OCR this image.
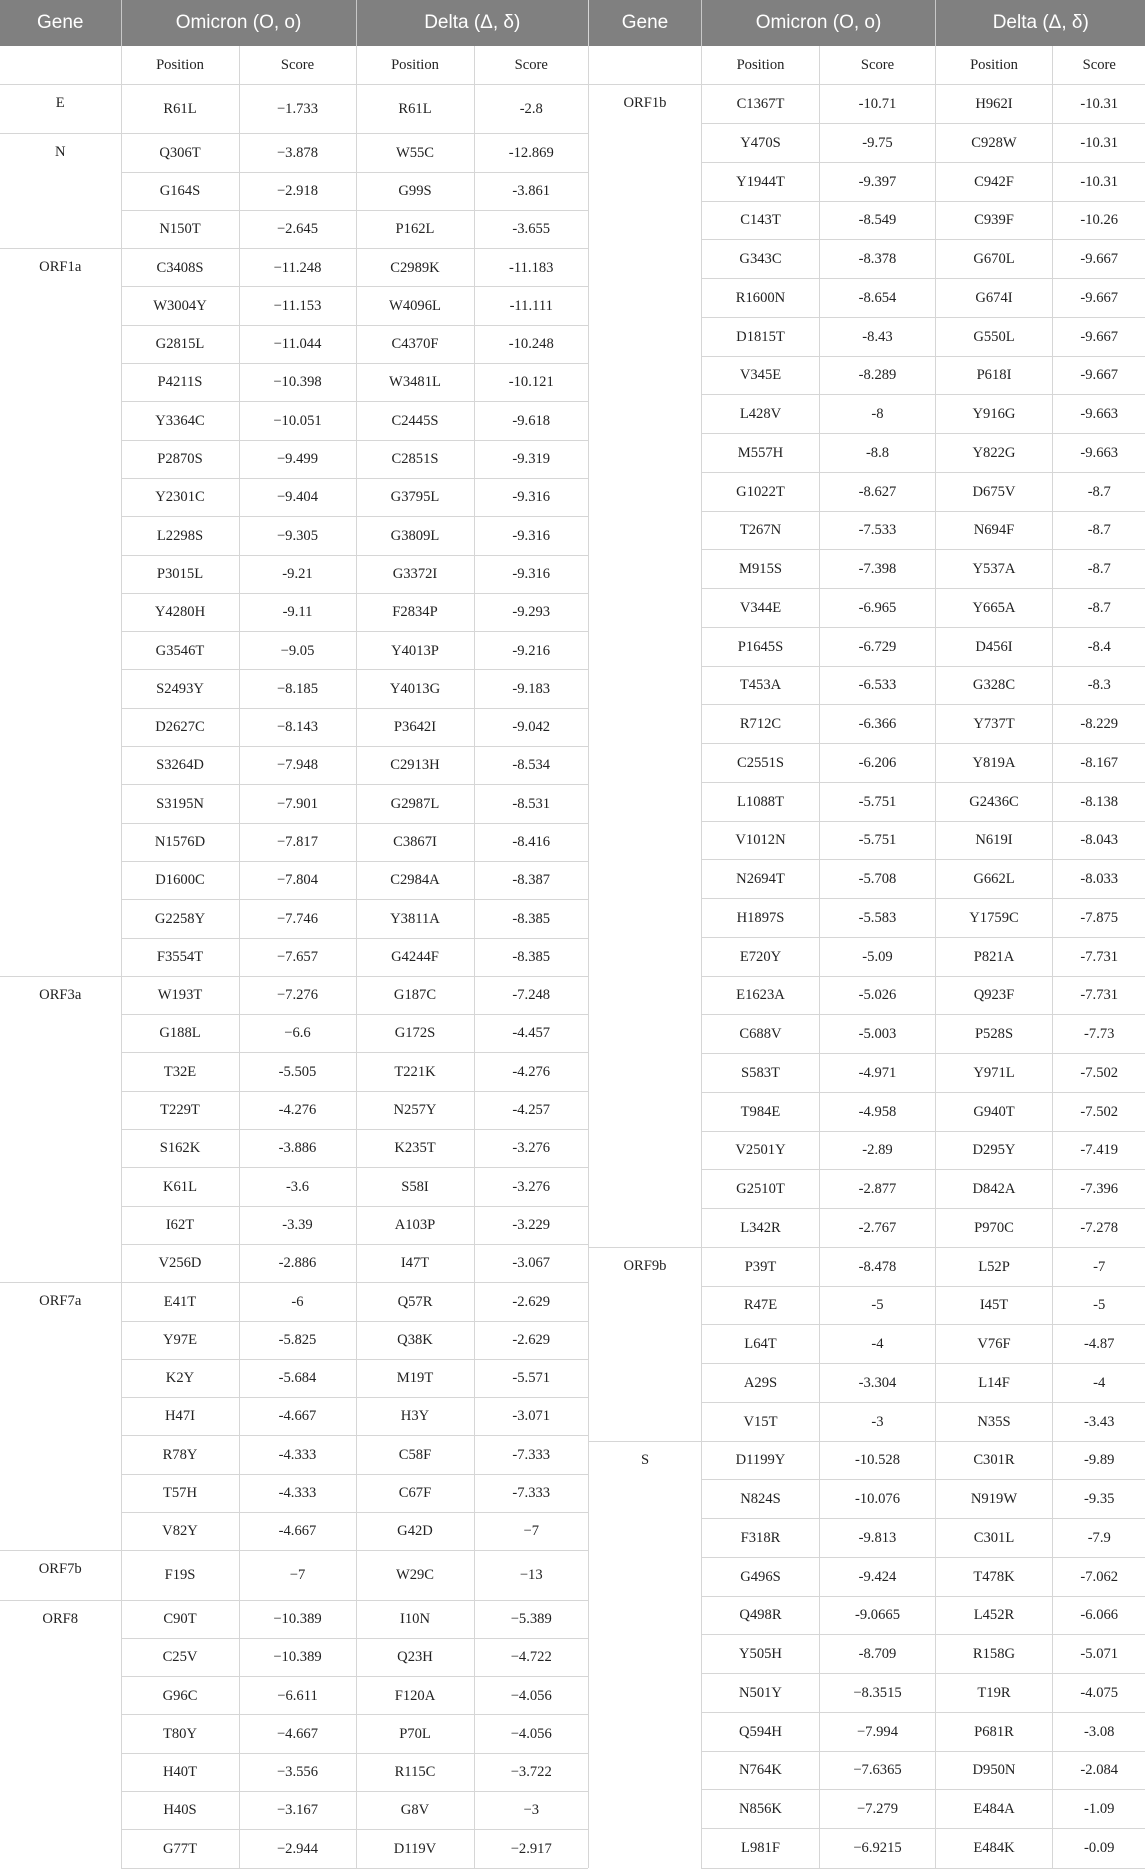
Gene	Omicron (O, o)		Delta (Δ, δ)	
	Position	Score	Position	Score
E	R61L	−1.733	R61L	-2.8
N	Q306T	−3.878	W55C	-12.869
	G164S	−2.918	G99S	-3.861
	N150T	−2.645	P162L	-3.655
ORF1a	C3408S	−11.248	C2989K	-11.183
	W3004Y	−11.153	W4096L	-11.111
	G2815L	−11.044	C4370F	-10.248
	P4211S	−10.398	W3481L	-10.121
	Y3364C	−10.051	C2445S	-9.618
	P2870S	−9.499	C2851S	-9.319
	Y2301C	−9.404	G3795L	-9.316
	L2298S	−9.305	G3809L	-9.316
	P3015L	-9.21	G3372I	-9.316
	Y4280H	-9.11	F2834P	-9.293
	G3546T	−9.05	Y4013P	-9.216
	S2493Y	−8.185	Y4013G	-9.183
	D2627C	−8.143	P3642I	-9.042
	S3264D	−7.948	C2913H	-8.534
	S3195N	−7.901	G2987L	-8.531
	N1576D	−7.817	C3867I	-8.416
	D1600C	−7.804	C2984A	-8.387
	G2258Y	−7.746	Y3811A	-8.385
	F3554T	−7.657	G4244F	-8.385
ORF3a	W193T	−7.276	G187C	-7.248
	G188L	−6.6	G172S	-4.457
	T32E	-5.505	T221K	-4.276
	T229T	-4.276	N257Y	-4.257
	S162K	-3.886	K235T	-3.276
	K61L	-3.6	S58I	-3.276
	I62T	-3.39	A103P	-3.229
	V256D	-2.886	I47T	-3.067
ORF7a	E41T	-6	Q57R	-2.629
	Y97E	-5.825	Q38K	-2.629
	K2Y	-5.684	M19T	-5.571
	H47I	-4.667	H3Y	-3.071
	R78Y	-4.333	C58F	-7.333
	T57H	-4.333	C67F	-7.333
	V82Y	-4.667	G42D	−7
ORF7b	F19S	−7	W29C	−13
ORF8	C90T	−10.389	I10N	−5.389
	C25V	−10.389	Q23H	−4.722
	G96C	−6.611	F120A	−4.056
	T80Y	−4.667	P70L	−4.056
	H40T	−3.556	R115C	−3.722
	H40S	−3.167	G8V	−3
	G77T	−2.944	D119V	−2.917
Gene	Omicron (O, o)		Delta (Δ, δ)	
	Position	Score	Position	Score
ORF1b	C1367T	-10.71	H962I	-10.31
	Y470S	-9.75	C928W	-10.31
	Y1944T	-9.397	C942F	-10.31
	C143T	-8.549	C939F	-10.26
	G343C	-8.378	G670L	-9.667
	R1600N	-8.654	G674I	-9.667
	D1815T	-8.43	G550L	-9.667
	V345E	-8.289	P618I	-9.667
	L428V	-8	Y916G	-9.663
	M557H	-8.8	Y822G	-9.663
	G1022T	-8.627	D675V	-8.7
	T267N	-7.533	N694F	-8.7
	M915S	-7.398	Y537A	-8.7
	V344E	-6.965	Y665A	-8.7
	P1645S	-6.729	D456I	-8.4
	T453A	-6.533	G328C	-8.3
	R712C	-6.366	Y737T	-8.229
	C2551S	-6.206	Y819A	-8.167
	L1088T	-5.751	G2436C	-8.138
	V1012N	-5.751	N619I	-8.043
	N2694T	-5.708	G662L	-8.033
	H1897S	-5.583	Y1759C	-7.875
	E720Y	-5.09	P821A	-7.731
	E1623A	-5.026	Q923F	-7.731
	C688V	-5.003	P528S	-7.73
	S583T	-4.971	Y971L	-7.502
	T984E	-4.958	G940T	-7.502
	V2501Y	-2.89	D295Y	-7.419
	G2510T	-2.877	D842A	-7.396
	L342R	-2.767	P970C	-7.278
ORF9b	P39T	-8.478	L52P	-7
	R47E	-5	I45T	-5
	L64T	-4	V76F	-4.87
	A29S	-3.304	L14F	-4
	V15T	-3	N35S	-3.43
S	D1199Y	-10.528	C301R	-9.89
	N824S	-10.076	N919W	-9.35
	F318R	-9.813	C301L	-7.9
	G496S	-9.424	T478K	-7.062
	Q498R	-9.0665	L452R	-6.066
	Y505H	-8.709	R158G	-5.071
	N501Y	−8.3515	T19R	-4.075
	Q594H	−7.994	P681R	-3.08
	N764K	−7.6365	D950N	-2.084
	N856K	−7.279	E484A	-1.09
	L981F	−6.9215	E484K	-0.09
